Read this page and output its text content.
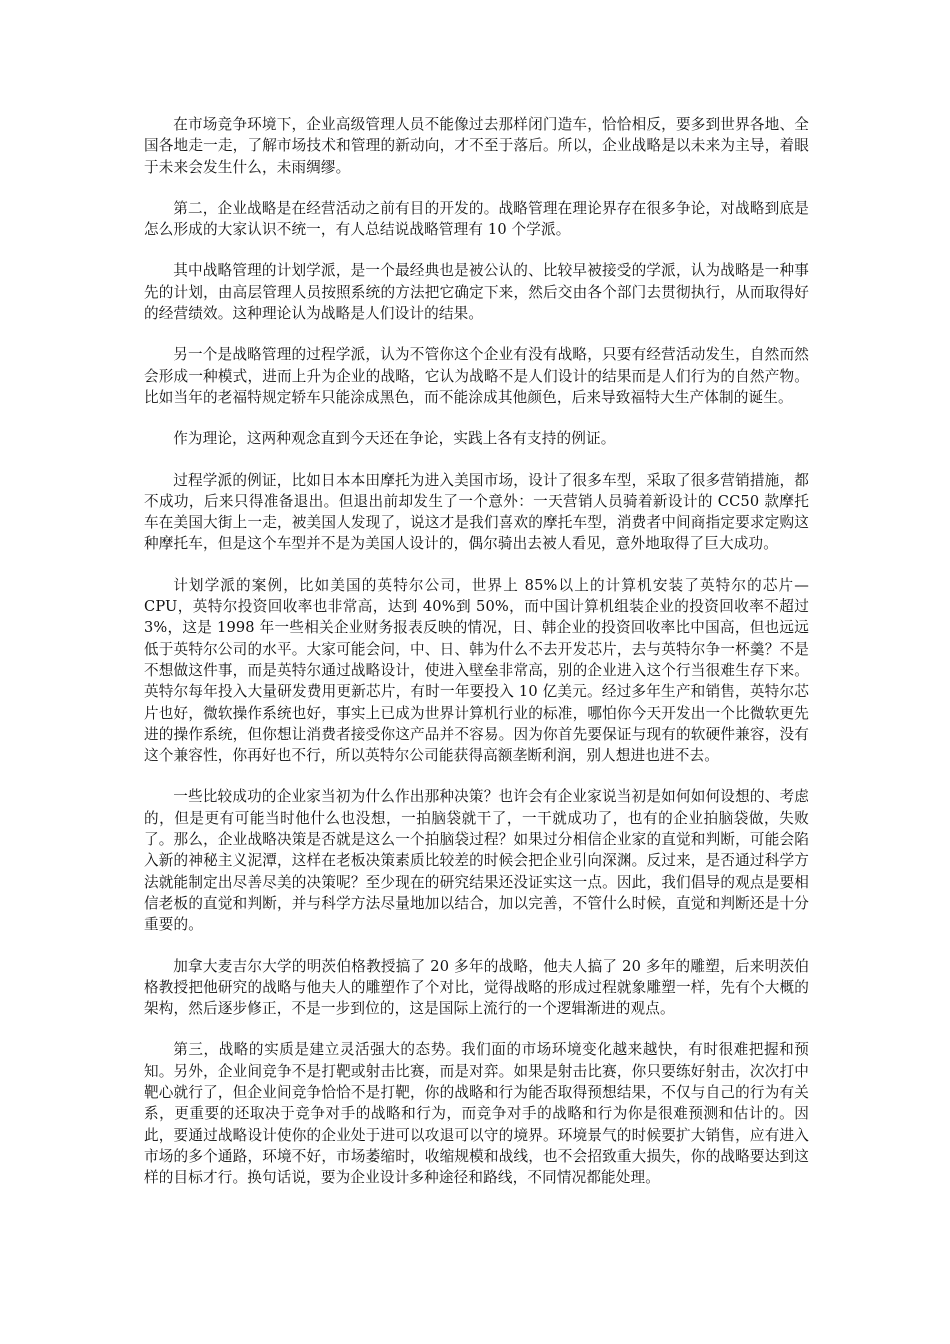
在市场竞争环境下，企业高级管理人员不能像过去那样闭门造车，恰恰相反，要多到世界各地、全国各地走一走，了解市场技术和管理的新动向，才不至于落后。所以，企业战略是以未来为主导，着眼于未来会发生什么，未雨绸缪。

第二，企业战略是在经营活动之前有目的开发的。战略管理在理论界存在很多争论，对战略到底是怎么形成的大家认识不统一，有人总结说战略管理有 10 个学派。

其中战略管理的计划学派，是一个最经典也是被公认的、比较早被接受的学派，认为战略是一种事先的计划，由高层管理人员按照系统的方法把它确定下来，然后交由各个部门去贯彻执行，从而取得好的经营绩效。这种理论认为战略是人们设计的结果。

另一个是战略管理的过程学派，认为不管你这个企业有没有战略，只要有经营活动发生，自然而然会形成一种模式，进而上升为企业的战略，它认为战略不是人们设计的结果而是人们行为的自然产物。比如当年的老福特规定轿车只能涂成黑色，而不能涂成其他颜色，后来导致福特大生产体制的诞生。

作为理论，这两种观念直到今天还在争论，实践上各有支持的例证。

过程学派的例证，比如日本本田摩托为进入美国市场，设计了很多车型，采取了很多营销措施，都不成功，后来只得准备退出。但退出前却发生了一个意外：一天营销人员骑着新设计的 CC50 款摩托车在美国大街上一走，被美国人发现了，说这才是我们喜欢的摩托车型，消费者中间商指定要求定购这种摩托车，但是这个车型并不是为美国人设计的，偶尔骑出去被人看见，意外地取得了巨大成功。

计划学派的案例，比如美国的英特尔公司，世界上 85%以上的计算机安装了英特尔的芯片—CPU，英特尔投资回收率也非常高，达到 40%到 50%，而中国计算机组装企业的投资回收率不超过 3%，这是 1998 年一些相关企业财务报表反映的情况，日、韩企业的投资回收率比中国高，但也远远低于英特尔公司的水平。大家可能会问，中、日、韩为什么不去开发芯片，去与英特尔争一杯羹？不是不想做这件事，而是英特尔通过战略设计，使进入壁垒非常高，别的企业进入这个行当很难生存下来。英特尔每年投入大量研发费用更新芯片，有时一年要投入 10 亿美元。经过多年生产和销售，英特尔芯片也好，微软操作系统也好，事实上已成为世界计算机行业的标准，哪怕你今天开发出一个比微软更先进的操作系统，但你想让消费者接受你这产品并不容易。因为你首先要保证与现有的软硬件兼容，没有这个兼容性，你再好也不行，所以英特尔公司能获得高额垄断利润，别人想进也进不去。

一些比较成功的企业家当初为什么作出那种决策？也许会有企业家说当初是如何如何设想的、考虑的，但是更有可能当时他什么也没想，一拍脑袋就干了，一干就成功了，也有的企业拍脑袋做，失败了。那么，企业战略决策是否就是这么一个拍脑袋过程？如果过分相信企业家的直觉和判断，可能会陷入新的神秘主义泥潭，这样在老板决策素质比较差的时候会把企业引向深渊。反过来，是否通过科学方法就能制定出尽善尽美的决策呢？至少现在的研究结果还没证实这一点。因此，我们倡导的观点是要相信老板的直觉和判断，并与科学方法尽量地加以结合，加以完善，不管什么时候，直觉和判断还是十分重要的。

加拿大麦吉尔大学的明茨伯格教授搞了 20 多年的战略，他夫人搞了 20 多年的雕塑，后来明茨伯格教授把他研究的战略与他夫人的雕塑作了个对比，觉得战略的形成过程就象雕塑一样，先有个大概的架构，然后逐步修正，不是一步到位的，这是国际上流行的一个逻辑渐进的观点。

第三，战略的实质是建立灵活强大的态势。我们面的市场环境变化越来越快，有时很难把握和预知。另外，企业间竞争不是打靶或射击比赛，而是对弈。如果是射击比赛，你只要练好射击，次次打中靶心就行了，但企业间竞争恰恰不是打靶，你的战略和行为能否取得预想结果，不仅与自己的行为有关系，更重要的还取决于竞争对手的战略和行为，而竞争对手的战略和行为你是很难预测和估计的。因此，要通过战略设计使你的企业处于进可以攻退可以守的境界。环境景气的时候要扩大销售，应有进入市场的多个通路，环境不好，市场萎缩时，收缩规模和战线，也不会招致重大损失，你的战略要达到这样的目标才行。换句话说，要为企业设计多种途径和路线，不同情况都能处理。
